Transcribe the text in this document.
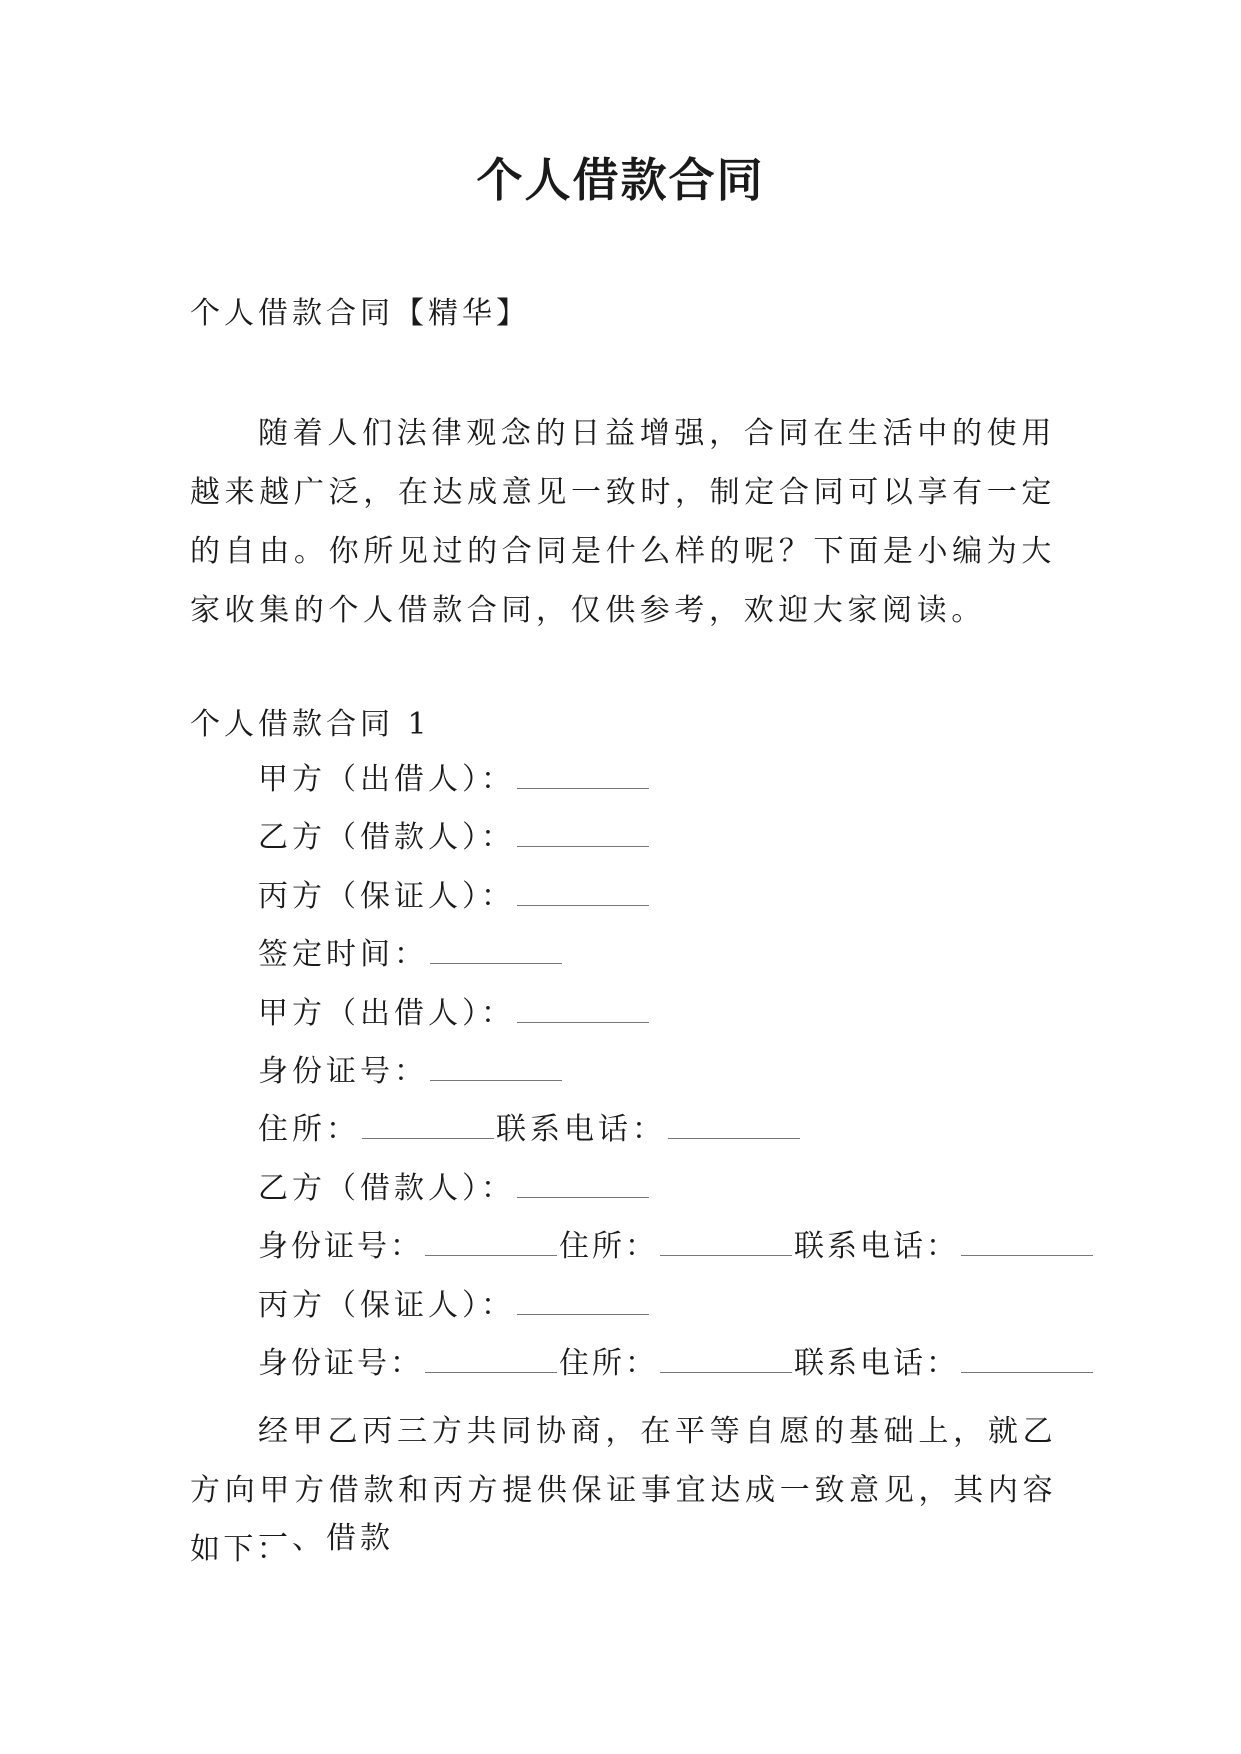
个人借款合同
个人借款合同【精华】
随着人们法律观念的日益增强，合同在生活中的使用越来越广泛，在达成意见一致时，制定合同可以享有一定的自由。你所见过的合同是什么样的呢？下面是小编为大家收集的个人借款合同，仅供参考，欢迎大家阅读。
个人借款合同 1
甲方（出借人）：
乙方（借款人）：
丙方（保证人）：
签定时间：
甲方（出借人）：
身份证号：
住所：	联系电话：
乙方（借款人）：
身份证号：	住所：	联系电话：
丙方（保证人）：
身份证号：	住所：	联系电话：
经甲乙丙三方共同协商，在平等自愿的基础上，就乙方向甲方借款和丙方提供保证事宜达成一致意见，其内容如下：
一、借款
